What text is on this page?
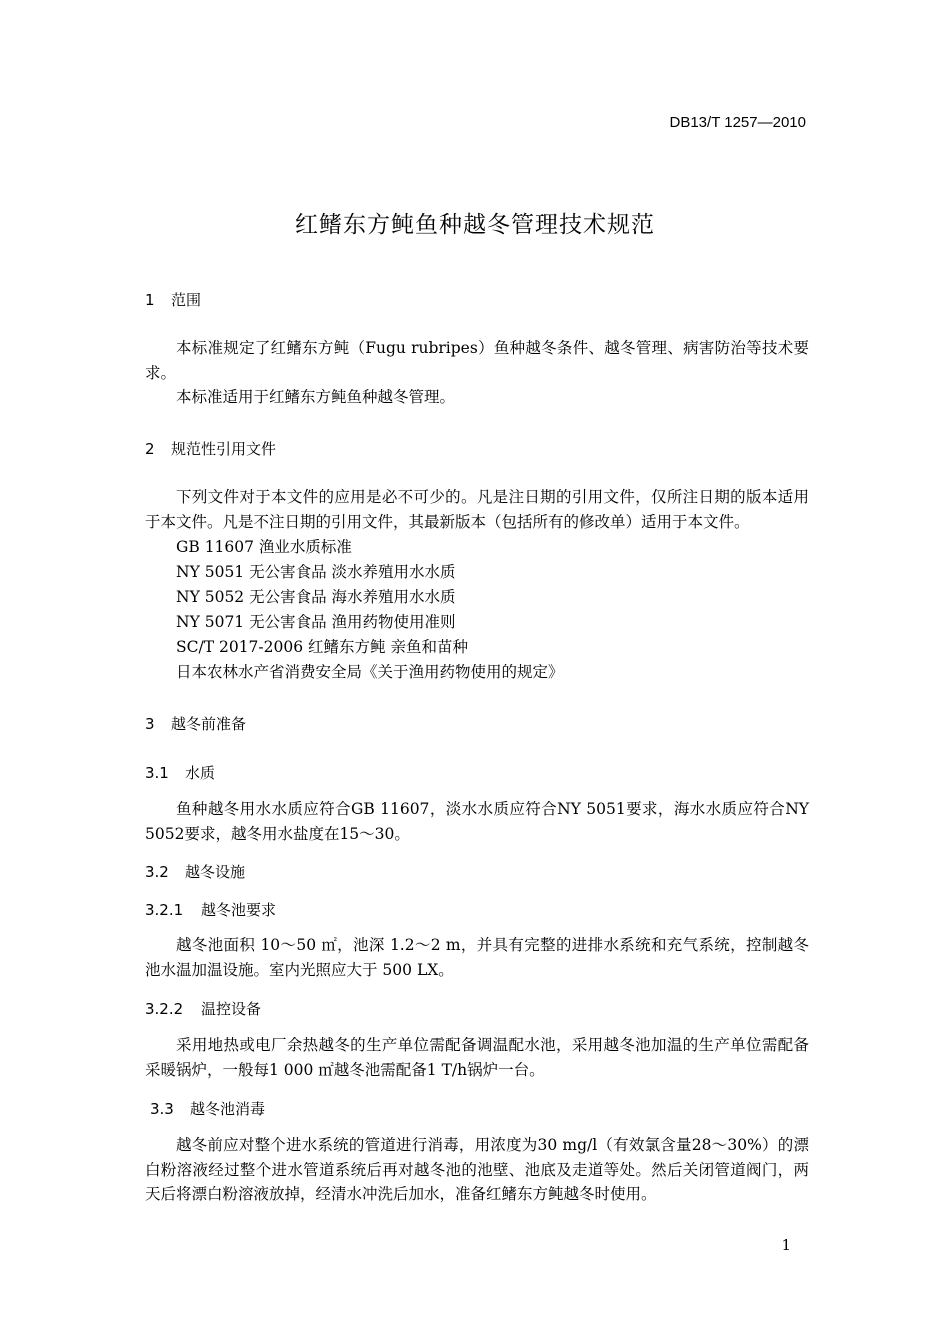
DB13/T 1257—2010
红鳍东方鲀鱼种越冬管理技术规范
1 范围
本标准规定了红鳍东方鲀（Fugu rubripes）鱼种越冬条件、越冬管理、病害防治等技术要求。
本标准适用于红鳍东方鲀鱼种越冬管理。
2 规范性引用文件
下列文件对于本文件的应用是必不可少的。凡是注日期的引用文件，仅所注日期的版本适用于本文件。凡是不注日期的引用文件，其最新版本（包括所有的修改单）适用于本文件。
GB 11607 渔业水质标准
NY 5051 无公害食品 淡水养殖用水水质
NY 5052 无公害食品 海水养殖用水水质
NY 5071 无公害食品 渔用药物使用准则
SC/T 2017-2006 红鳍东方鲀 亲鱼和苗种
日本农林水产省消费安全局《关于渔用药物使用的规定》
3 越冬前准备
3.1 水质
鱼种越冬用水水质应符合GB 11607，淡水水质应符合NY 5051要求，海水水质应符合NY 5052要求，越冬用水盐度在15～30。
3.2 越冬设施
3.2.1 越冬池要求
越冬池面积 10～50 ㎡，池深 1.2～2 m，并具有完整的进排水系统和充气系统，控制越冬池水温加温设施。室内光照应大于 500 LX。
3.2.2 温控设备
采用地热或电厂余热越冬的生产单位需配备调温配水池，采用越冬池加温的生产单位需配备采暖锅炉，一般每1 000 ㎡越冬池需配备1 T/h锅炉一台。
3.3 越冬池消毒
越冬前应对整个进水系统的管道进行消毒，用浓度为30 mg/l（有效氯含量28～30%）的漂白粉溶液经过整个进水管道系统后再对越冬池的池壁、池底及走道等处。然后关闭管道阀门，两天后将漂白粉溶液放掉，经清水冲洗后加水，准备红鳍东方鲀越冬时使用。
1
